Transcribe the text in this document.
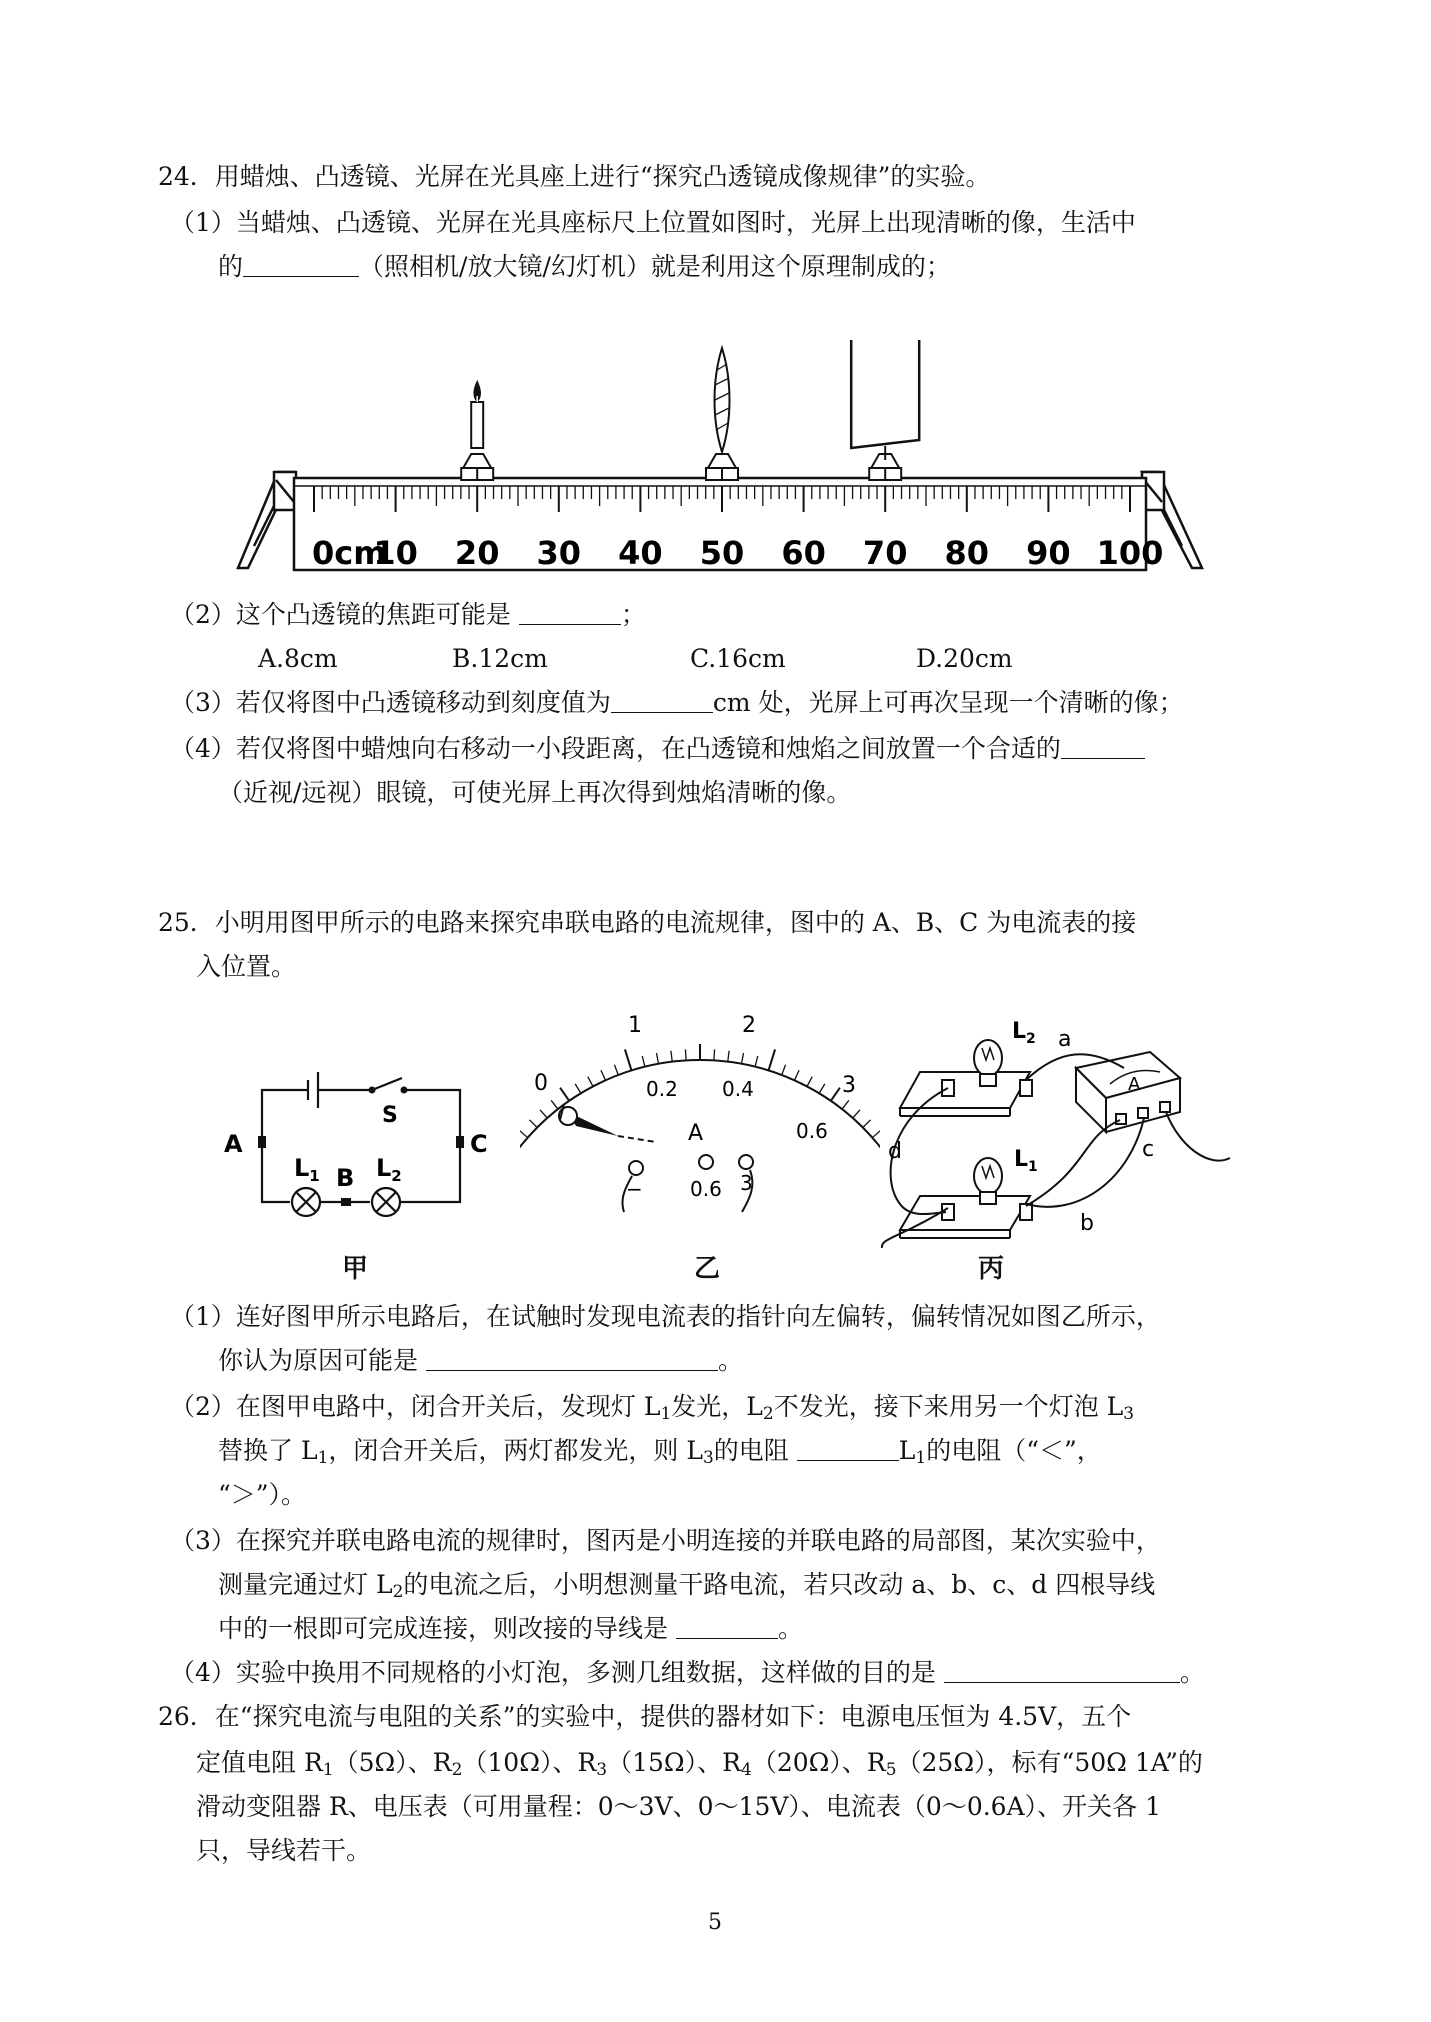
24．用蜡烛、凸透镜、光屏在光具座上进行“探究凸透镜成像规律”的实验。
（1）当蜡烛、凸透镜、光屏在光具座标尺上位置如图时，光屏上出现清晰的像，生活中
的	（照相机/放大镜/幻灯机）就是利用这个原理制成的；
0cm
10 20 30 40 50 60 70 80 90 100
（2）这个凸透镜的焦距可能是	；
A.8cm	B.12cm	C.16cm	D.20cm
（3）若仅将图中凸透镜移动到刻度值为	cm 处，光屏上可再次呈现一个清晰的像；
（4）若仅将图中蜡烛向右移动一小段距离，在凸透镜和烛焰之间放置一个合适的
（近视/远视）眼镜，可使光屏上再次得到烛焰清晰的像。
25．小明用图甲所示的电路来探究串联电路的电流规律，图中的 A、B、C 为电流表的接
入位置。
A	C
B
S
$L_1$ $L_2$
甲
0
1	2
3
0.2 0.4
0.6
A
− 0.6 3
乙
A
a
b
c
d
$L_2$
$L_1$
丙
（1）连好图甲所示电路后，在试触时发现电流表的指针向左偏转，偏转情况如图乙所示，
你认为原因可能是	。
（2）在图甲电路中，闭合开关后，发现灯 $L_1$发光，$L_2$不发光，接下来用另一个灯泡 $L_3$
替换了 $L_1$，闭合开关后，两灯都发光，则 $L_3$的电阻	$L_1$的电阻（“＜”，
“＞”）。
（3）在探究并联电路电流的规律时，图丙是小明连接的并联电路的局部图，某次实验中，
测量完通过灯 $L_2$的电流之后，小明想测量干路电流，若只改动 a、b、c、d 四根导线
中的一根即可完成连接，则改接的导线是	。
（4）实验中换用不同规格的小灯泡，多测几组数据，这样做的目的是	。
26．在“探究电流与电阻的关系”的实验中，提供的器材如下：电源电压恒为 4.5V，五个
定值电阻 $R_1(5\Omega)$、$R_2(10\Omega)$、$R_3(15\Omega)$、$R_4(20\Omega)$、$R_5(25\Omega)$，标有“50Ω 1A”的
滑动变阻器 R、电压表（可用量程：0～3V、0～15V）、电流表（0～0.6A）、开关各 1
只，导线若干。
5
